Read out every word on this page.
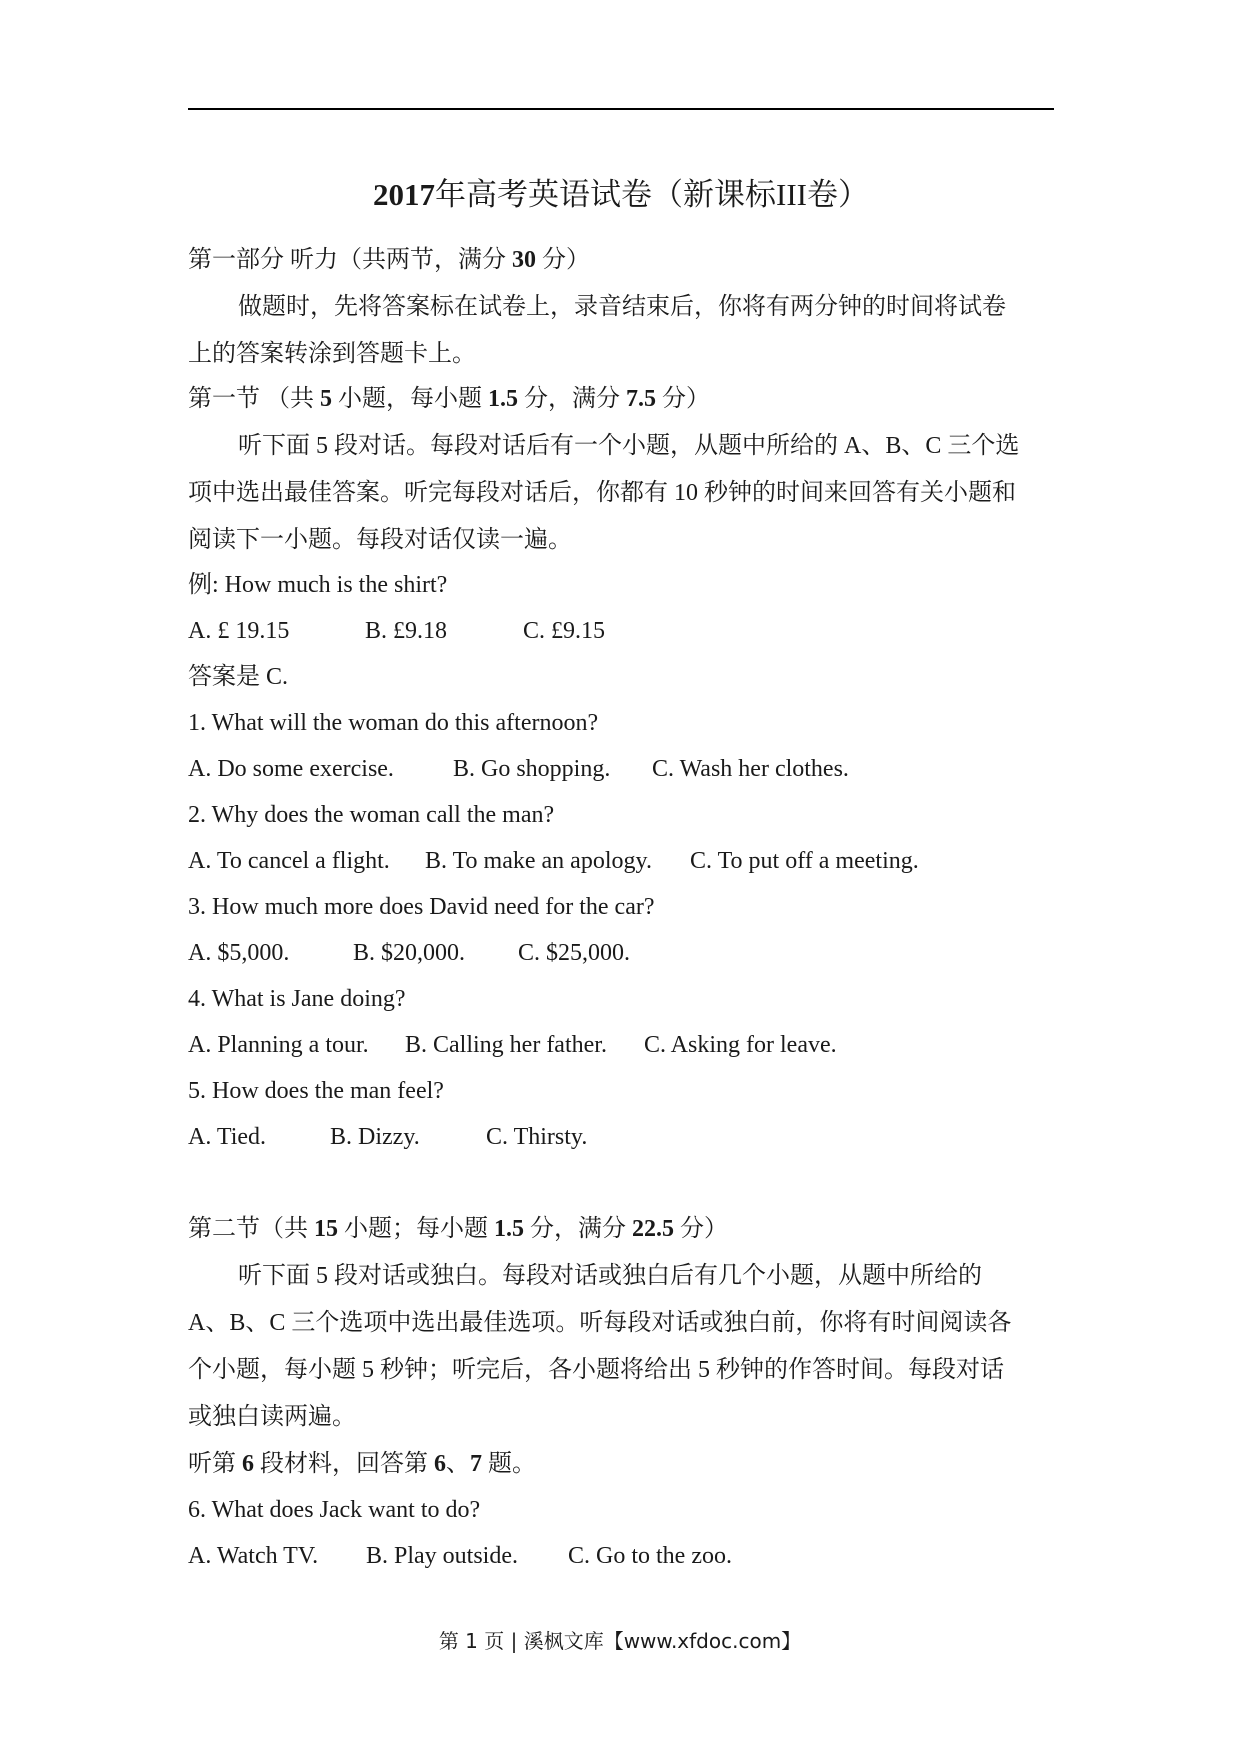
2017年高考英语试卷（新课标III卷）
第一部分 听力（共两节，满分 30 分）
做题时，先将答案标在试卷上，录音结束后，你将有两分钟的时间将试卷
上的答案转涂到答题卡上。
第一节 （共 5 小题，每小题 1.5 分，满分 7.5 分）
听下面 5 段对话。每段对话后有一个小题，从题中所给的 A、B、C 三个选
项中选出最佳答案。听完每段对话后，你都有 10 秒钟的时间来回答有关小题和
阅读下一小题。每段对话仅读一遍。
例: How much is the shirt?
A. £ 19.15	B. £9.18	C. £9.15
答案是 C.
1. What will the woman do this afternoon?
A. Do some exercise. B. Go shopping. C. Wash her clothes.
2. Why does the woman call the man?
A. To cancel a flight. B. To make an apology. C. To put off a meeting.
3. How much more does David need for the car?
A. $5,000.	B. $20,000. C. $25,000.
4. What is Jane doing?
A. Planning a tour. B. Calling her father. C. Asking for leave.
5. How does the man feel?
A. Tied.	B. Dizzy.	C. Thirsty.
第二节（共 15 小题；每小题 1.5 分，满分 22.5 分）
听下面 5 段对话或独白。每段对话或独白后有几个小题，从题中所给的
A、B、C 三个选项中选出最佳选项。听每段对话或独白前，你将有时间阅读各
个小题，每小题 5 秒钟；听完后，各小题将给出 5 秒钟的作答时间。每段对话
或独白读两遍。
听第 6 段材料，回答第 6、7 题。
6. What does Jack want to do?
A. Watch TV. B. Play outside. C. Go to the zoo.
第 1 页 | 溪枫文库【www.xfdoc.com】
